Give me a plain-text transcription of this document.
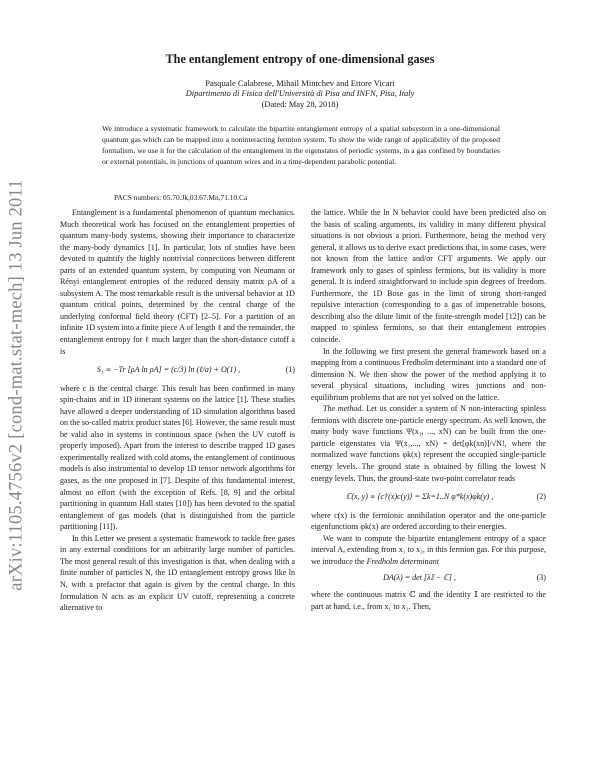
arXiv:1105.4756v2 [cond-mat.stat-mech] 13 Jun 2011
The entanglement entropy of one-dimensional gases
Pasquale Calabrese, Mihail Mintchev and Ettore Vicari
Dipartimento di Fisica dell'Università di Pisa and INFN, Pisa, Italy
(Dated: May 28, 2018)
We introduce a systematic framework to calculate the bipartite entanglement entropy of a spatial subsystem in a one-dimensional quantum gas which can be mapped into a noninteracting fermion system. To show the wide range of applicability of the proposed formalism, we use it for the calculation of the entanglement in the eigenstates of periodic systems, in a gas confined by boundaries or external potentials, in junctions of quantum wires and in a time-dependent parabolic potential.
PACS numbers: 05.70.Jk,03.67.Mn,71.10.Ca

Entanglement is a fundamental phenomenon of quantum mechanics. Much theoretical work has focused on the entanglement properties of quantum many-body systems, showing their importance to characterize the many-body dynamics [1]. In particular, lots of studies have been devoted to quantify the highly nontrivial connections between different parts of an extended quantum system, by computing von Neumann or Rényi entanglement entropies of the reduced density matrix ρA of a subsystem A. The most remarkable result is the universal behavior at 1D quantum critical points, determined by the central charge of the underlying conformal field theory (CFT) [2–5]. For a partition of an infinite 1D system into a finite piece A of length ℓ and the remainder, the entanglement entropy for ℓ much larger than the short-distance cutoff a is

S₁ ≡ −Tr [ρA ln ρA] = (c/3) ln (ℓ/a) + O(1) ,	(1)

where c is the central charge. This result has been confirmed in many spin-chains and in 1D itinerant systems on the lattice [1]. These studies have allowed a deeper understanding of 1D simulation algorithms based on the so-called matrix product states [6]. However, the same result must be valid also in systems in continuous space (when the UV cutoff is properly imposed). Apart from the interest to describe trapped 1D gases experimentally realized with cold atoms, the entanglement of continuous models is also instrumental to develop 1D tensor network algorithms for gases, as the one proposed in [7]. Despite of this fundamental interest, almost no effort (with the exception of Refs. [8, 9] and the orbital partitioning in quantum Hall states [10]) has been devoted to the spatial entanglement of gas models (that is distinguished from the particle partitioning [11]).

In this Letter we present a systematic framework to tackle free gases in any external conditions for an arbitrarily large number of particles. The most general result of this investigation is that, when dealing with a finite number of particles N, the 1D entanglement entropy grows like ln N, with a prefactor that again is given by the central charge. In this formulation N acts as an explicit UV cutoff, representing a concrete alternative to

the lattice. While the ln N behavior could have been predicted also on the basis of scaling arguments, its validity in many different physical situations is not obvious a priori. Furthermore, being the method very general, it allows us to derive exact predictions that, in some cases, were not known from the lattice and/or CFT arguments. We apply our framework only to gases of spinless fermions, but its validity is more general. It is indeed straightforward to include spin degrees of freedom. Furthermore, the 1D Bose gas in the limit of strong short-ranged repulsive interaction (corresponding to a gas of impenetrable bosons, describing also the dilute limit of the finite-strength model [12]) can be mapped to spinless fermions, so that their entanglement entropies coincide.

In the following we first present the general framework based on a mapping from a continuous Fredholm determinant into a standard one of dimension N. We then show the power of the method applying it to several physical situations, including wires junctions and non-equilibrium problems that are not yet solved on the lattice.

The method. Let us consider a system of N non-interacting spinless fermions with discrete one-particle energy spectrum. As well known, the many body wave functions Ψ(x₁, ..., xN) can be built from the one-particle eigenstates via Ψ(x₁,..., xN) = det[φk(xn)]/√N!, where the normalized wave functions φk(x) represent the occupied single-particle energy levels. The ground state is obtained by filling the lowest N energy levels. Thus, the ground-state two-point correlator reads

ℂ(x, y) ≡ ⟨c†(x)c(y)⟩ = Σk=1..N φ*k(x)φk(y) ,	(2)

where c(x) is the fermionic annihilation operator and the one-particle eigenfunctions φk(x) are ordered according to their energies.

We want to compute the bipartite entanglement entropy of a space interval A, extending from x₁ to x₂, in this fermion gas. For this purpose, we introduce the Fredholm determinant

DA(λ) = det [λ𝕀 − ℂ] ,	(3)

where the continuous matrix ℂ and the identity 𝕀 are restricted to the part at hand, i.e., from x₁ to x₂. Then,
